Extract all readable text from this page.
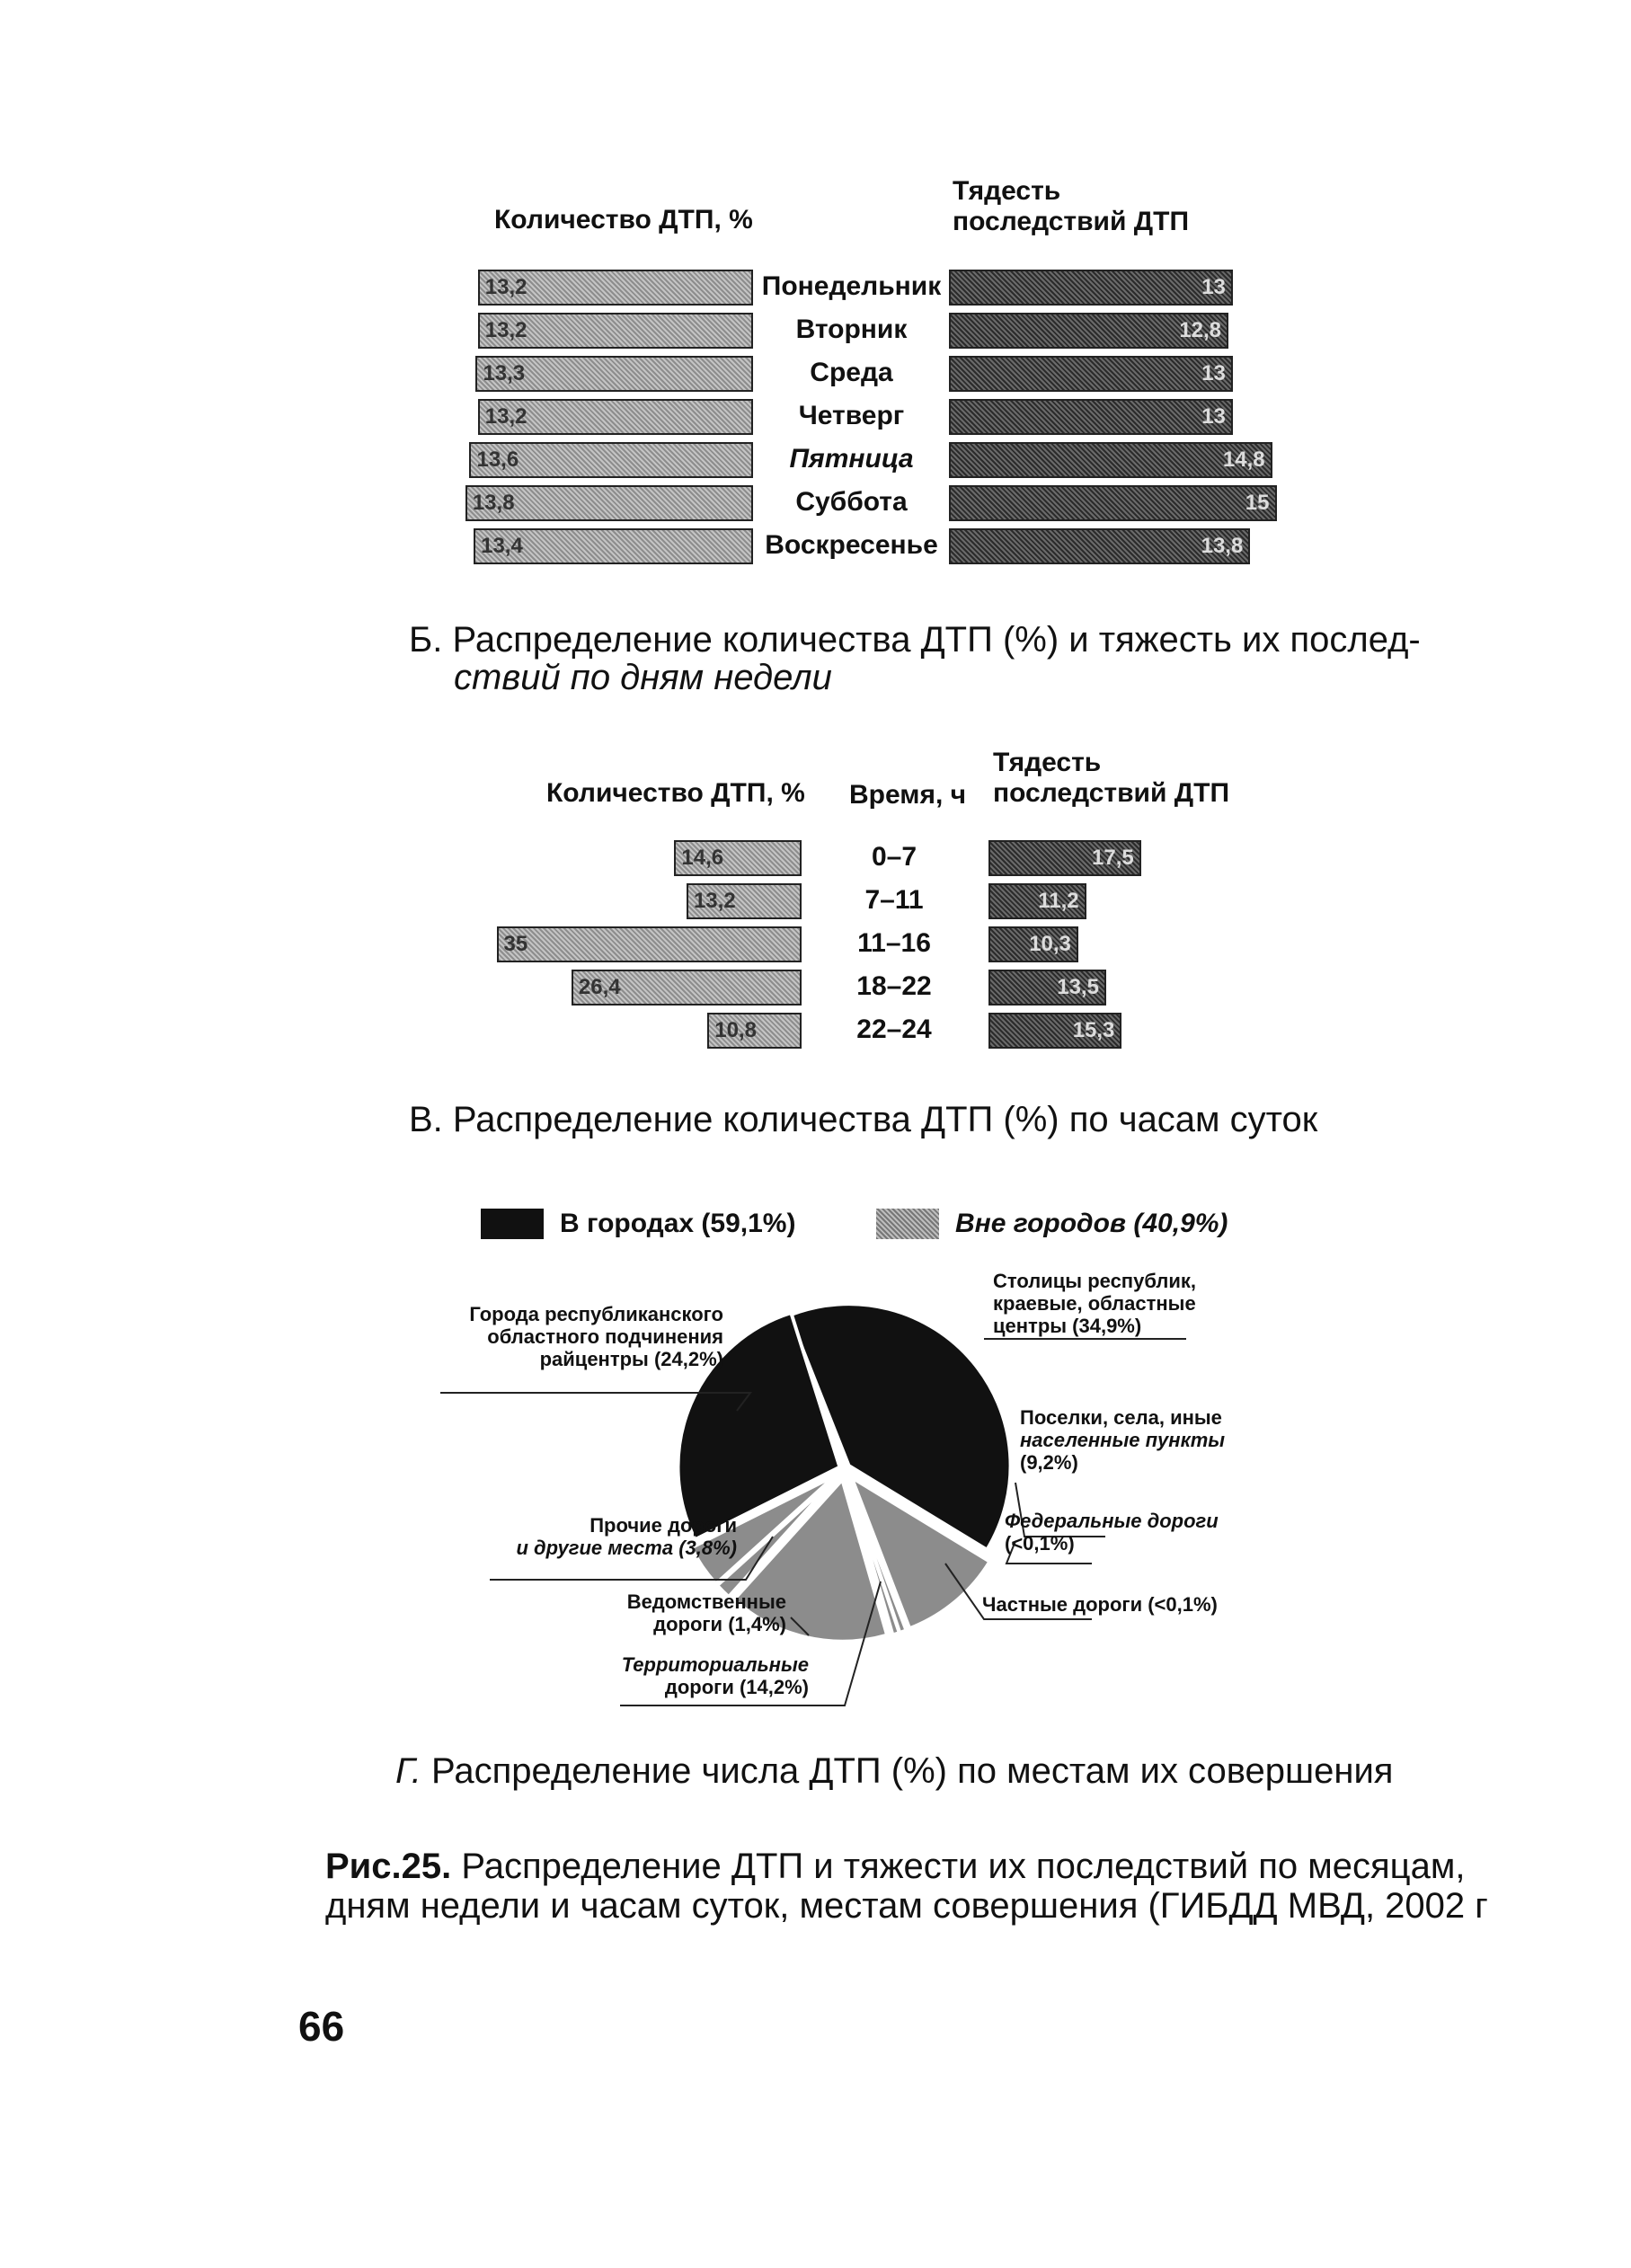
Количество ДТП, %
Тядесть
последствий ДТП
13,2	Понедельник	13
13,2	Вторник	12,8
13,3	Среда	13
13,2	Четверг	13
13,6	Пятница	14,8
13,8	Суббота	15
13,4	Воскресенье	13,8
Б. Распределение количества ДТП (%) и тяжесть их послед-
ствий по дням недели
Количество ДТП, % Время, ч
Тядесть
последствий ДТП
14,6	0–7	17,5
13,2	7–11	11,2
35	11–16	10,3
26,4	18–22	13,5
10,8	22–24	15,3
В. Распределение количества ДТП (%) по часам суток
В городах (59,1%)	Вне городов (40,9%)
Столицы республик,
краевые, областные
центры (34,9%)
Города республиканского
областного подчинения
райцентры (24,2%)
Поселки, села, иные
населенные пункты
(9,2%)
Прочие дороги
и другие места (3,8%)
Федеральные дороги
(<0,1%)
Ведомственные
дороги (1,4%)
Частные дороги (<0,1%)
Территориальные
дороги (14,2%)
Г. Распределение числа ДТП (%) по местам их совершения
Рис.25. Распределение ДТП и тяжести их последствий по месяцам,
дням недели и часам суток, местам совершения (ГИБДД МВД, 2002 г
66
